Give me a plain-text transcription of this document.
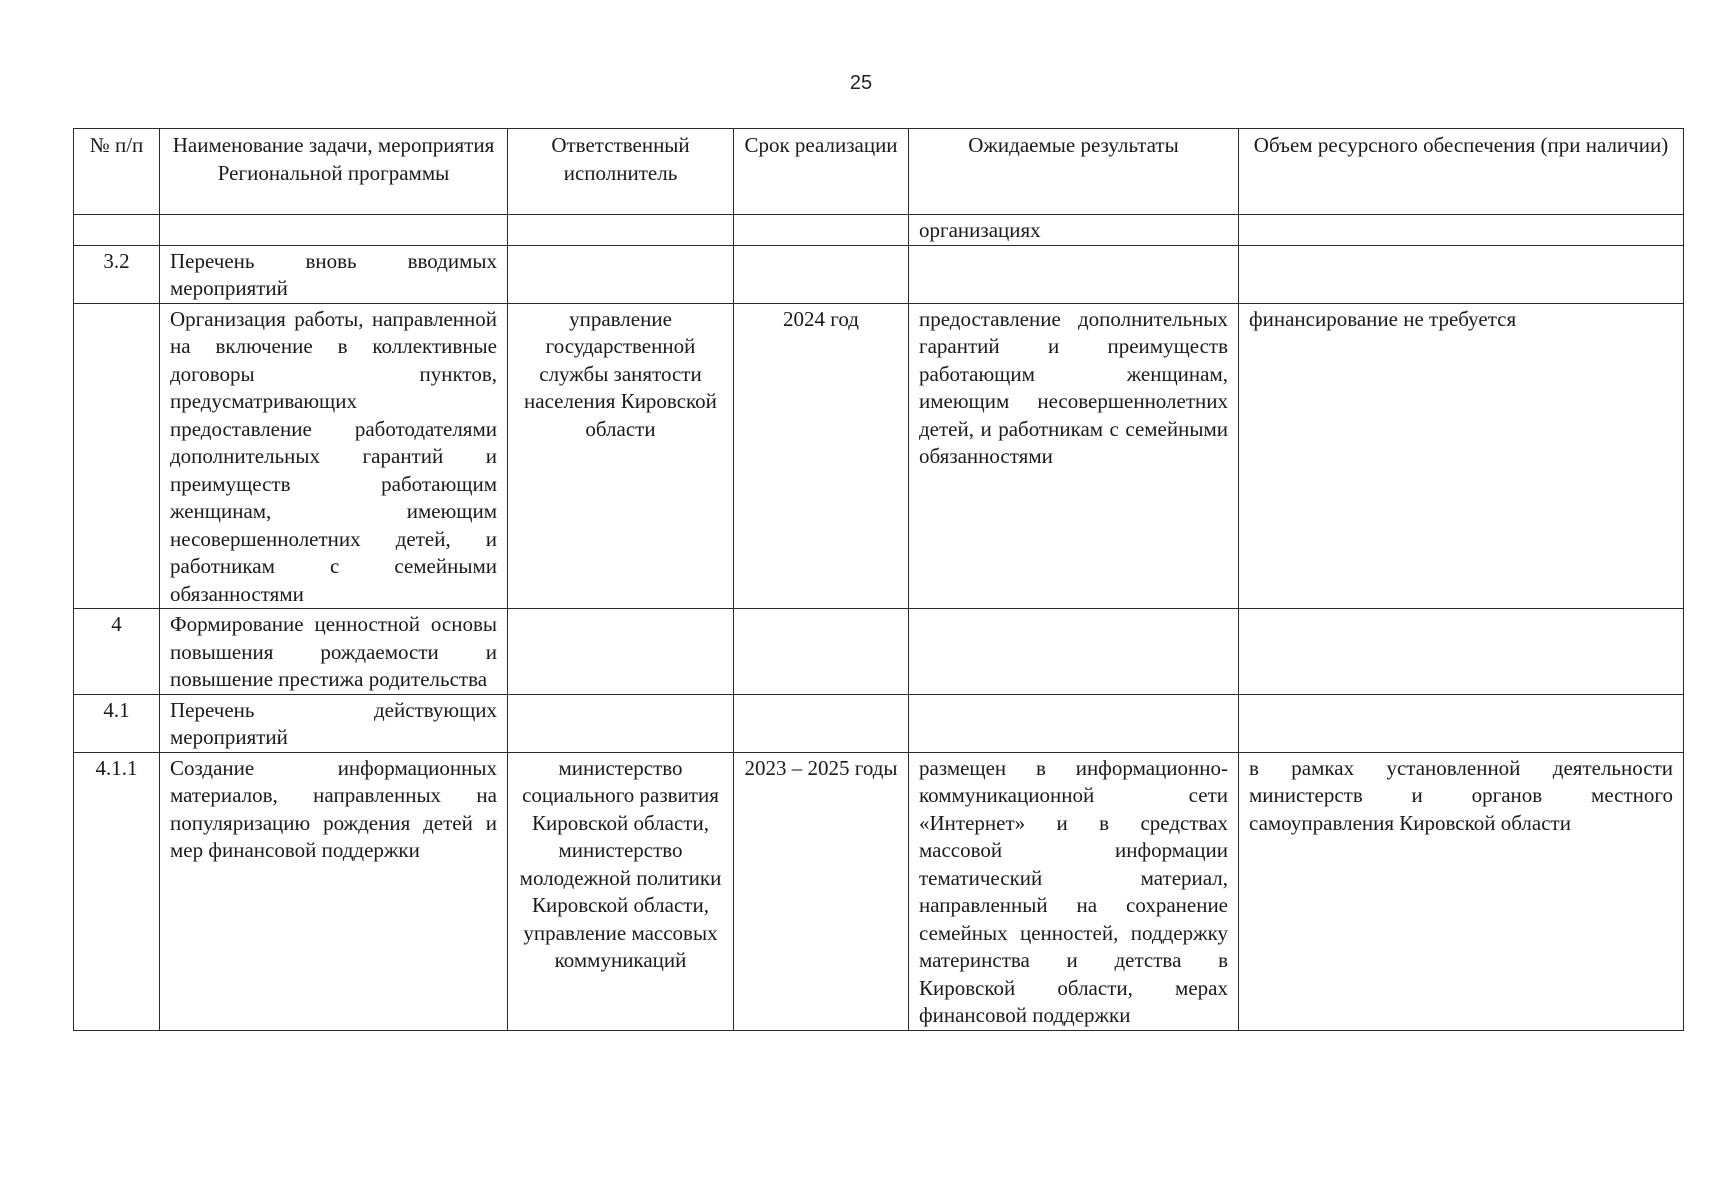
25
№ п/п	Наименование задачи, мероприятия Региональной программы	Ответственный исполнитель	Срок реализации	Ожидаемые результаты	Объем ресурсного обеспечения (при наличии)
				организациях	
3.2	Перечень вновь вводимых мероприятий				
	Организация работы, направленной на включение в коллективные договоры пунктов, предусматривающих предоставление работодателями дополнительных гарантий и преимуществ работающим женщинам, имеющим несовершеннолетних детей, и работникам с семейными обязанностями	управление государственной службы занятости населения Кировской области	2024 год	предоставление дополнительных гарантий и преимуществ работающим женщинам, имеющим несовершеннолетних детей, и работникам с семейными обязанностями	финансирование не требуется
4	Формирование ценностной основы повышения рождаемости и повышение престижа родительства				
4.1	Перечень действующих мероприятий				
4.1.1	Создание информационных материалов, направленных на популяризацию рождения детей и мер финансовой поддержки	министерство социального развития Кировской области, министерство молодежной политики Кировской области, управление массовых коммуникаций	2023 – 2025 годы	размещен в информационно-коммуникационной сети «Интернет» и в средствах массовой информации тематический материал, направленный на сохранение семейных ценностей, поддержку материнства и детства в Кировской области, мерах финансовой поддержки	в рамках установленной деятельности министерств и органов местного самоуправления Кировской области
